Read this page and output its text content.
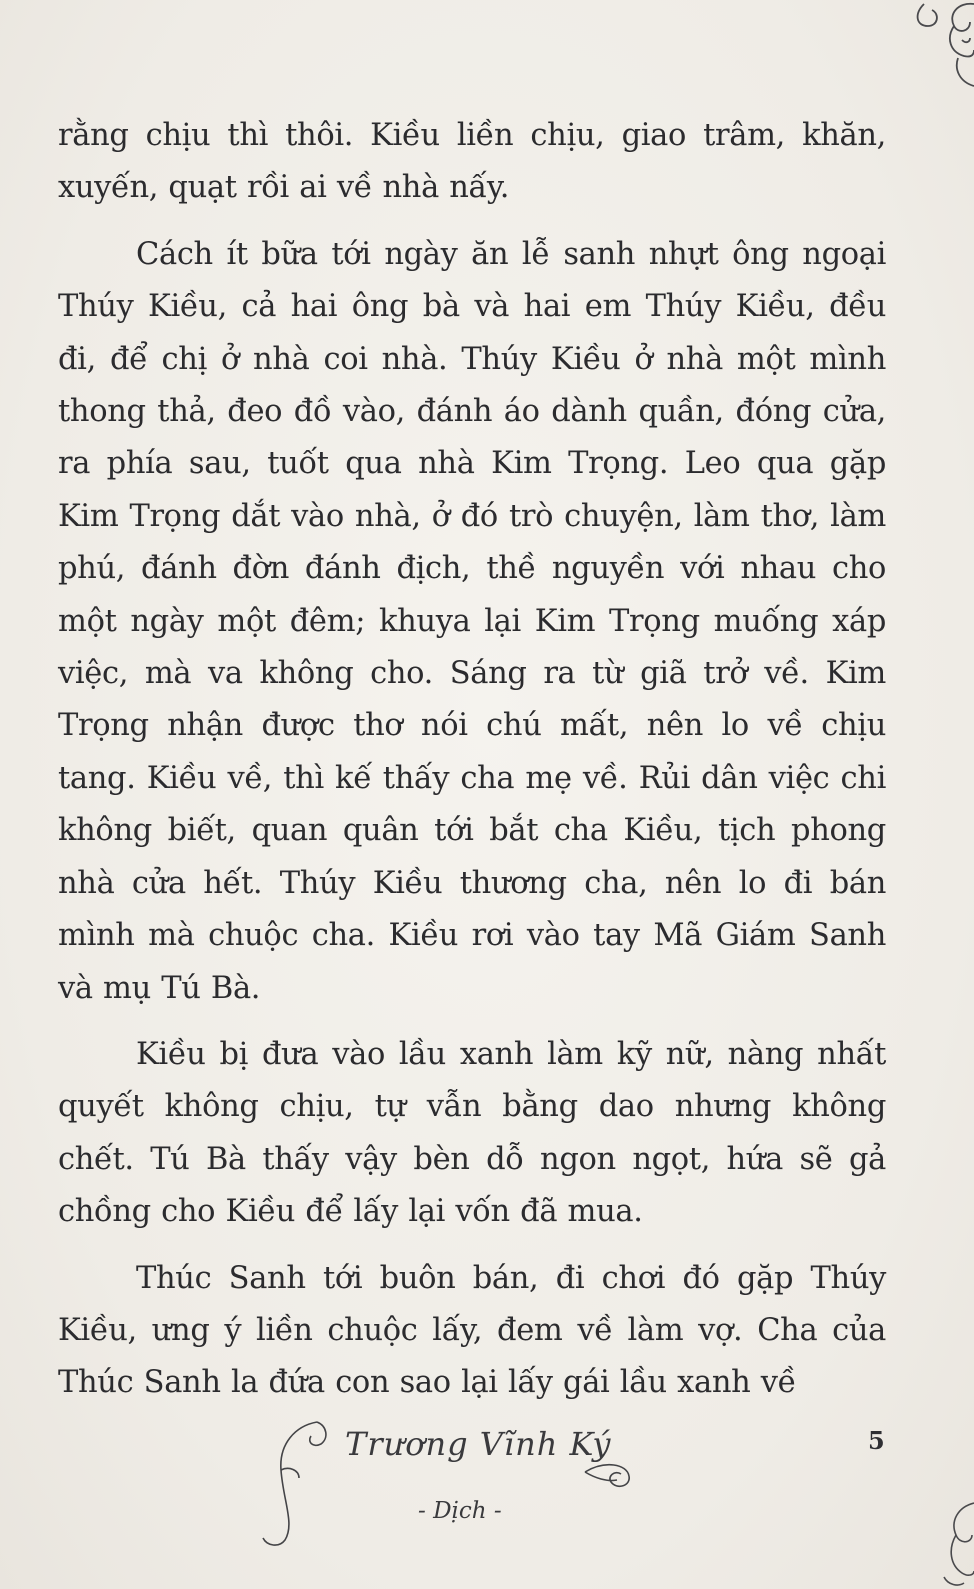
rằng chịu thì thôi. Kiều liền chịu, giao trâm, khăn, xuyến, quạt rồi ai về nhà nấy.

Cách ít bữa tới ngày ăn lễ sanh nhựt ông ngoại Thúy Kiều, cả hai ông bà và hai em Thúy Kiều, đều đi, để chị ở nhà coi nhà. Thúy Kiều ở nhà một mình thong thả, đeo đồ vào, đánh áo dành quần, đóng cửa, ra phía sau, tuốt qua nhà Kim Trọng. Leo qua gặp Kim Trọng dắt vào nhà, ở đó trò chuyện, làm thơ, làm phú, đánh đờn đánh địch, thề nguyền với nhau cho một ngày một đêm; khuya lại Kim Trọng muống xáp việc, mà va không cho. Sáng ra từ giã trở về. Kim Trọng nhận được thơ nói chú mất, nên lo về chịu tang. Kiều về, thì kế thấy cha mẹ về. Rủi dân việc chi không biết, quan quân tới bắt cha Kiều, tịch phong nhà cửa hết. Thúy Kiều thương cha, nên lo đi bán mình mà chuộc cha. Kiều rơi vào tay Mã Giám Sanh và mụ Tú Bà.

Kiều bị đưa vào lầu xanh làm kỹ nữ, nàng nhất quyết không chịu, tự vẫn bằng dao nhưng không chết. Tú Bà thấy vậy bèn dỗ ngon ngọt, hứa sẽ gả chồng cho Kiều để lấy lại vốn đã mua.

Thúc Sanh tới buôn bán, đi chơi đó gặp Thúy Kiều, ưng ý liền chuộc lấy, đem về làm vợ. Cha của Thúc Sanh la đứa con sao lại lấy gái lầu xanh về

Trương Vĩnh Ký
- Dịch -
5
